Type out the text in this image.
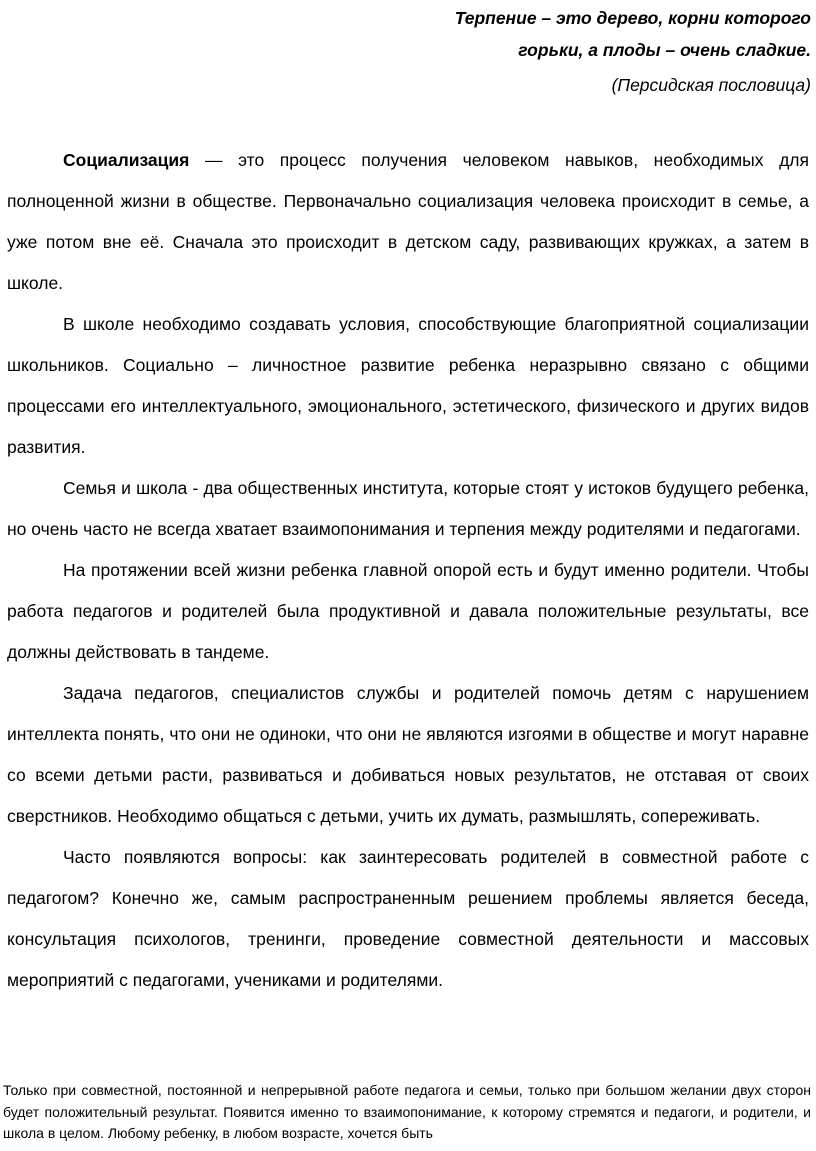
Терпение – это дерево, корни которого
горьки, а плоды – очень сладкие.
(Персидская пословица)

Социализация — это процесс получения человеком навыков, необходимых для полноценной жизни в обществе. Первоначально социализация человека происходит в семье, а уже потом вне её. Сначала это происходит в детском саду, развивающих кружках, а затем в школе.

В школе необходимо создавать условия, способствующие благоприятной социализации школьников. Социально – личностное развитие ребенка неразрывно связано с общими процессами его интеллектуального, эмоционального, эстетического, физического и других видов развития.

Семья и школа - два общественных института, которые стоят у истоков будущего ребенка, но очень часто не всегда хватает взаимопонимания и терпения между родителями и педагогами.

На протяжении всей жизни ребенка главной опорой есть и будут именно родители. Чтобы работа педагогов и родителей была продуктивной и давала положительные результаты, все должны действовать в тандеме.

Задача педагогов, специалистов службы и родителей помочь детям с нарушением интеллекта понять, что они не одиноки, что они не являются изгоями в обществе и могут наравне со всеми детьми расти, развиваться и добиваться новых результатов, не отставая от своих сверстников. Необходимо общаться с детьми, учить их думать, размышлять, сопереживать.

Часто появляются вопросы: как заинтересовать родителей в совместной работе с педагогом? Конечно же, самым распространенным решением проблемы является беседа, консультация психологов, тренинги, проведение совместной деятельности и массовых мероприятий с педагогами, учениками и родителями.

Только при совместной, постоянной и непрерывной работе педагога и семьи, только при большом желании двух сторон будет положительный результат. Появится именно то взаимопонимание, к которому стремятся и педагоги, и родители, и школа в целом. Любому ребенку, в любом возрасте, хочется быть
